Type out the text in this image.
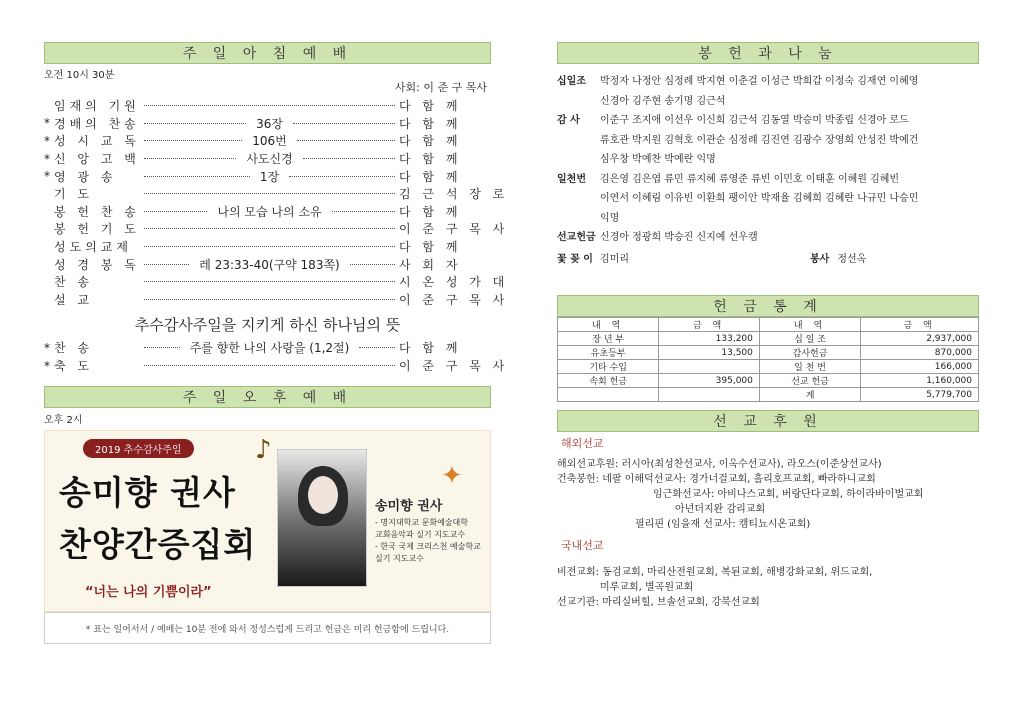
주 일 아 침 예 배
오전 10시 30분
사회: 이 준 구 목사
임재의 기원	다 함 께
* 경배의 찬송	36장	다 함 께
* 성 시 교 독	106번	다 함 께
* 신 앙 고 백	사도신경	다 함 께
* 영 광 송	1장	다 함 께
기 도	김 근 석 장 로
봉 헌 찬 송	나의 모습 나의 소유	다 함 께
봉 헌 기 도	이 준 구 목 사
성도의교제	다 함 께
성 경 봉 독	레 23:33-40(구약 183쪽)	사 회 자
찬 송	시 온 성 가 대
설 교	이 준 구 목 사
추수감사주일을 지키게 하신 하나님의 뜻
* 찬 송	주를 향한 나의 사랑을 (1,2절)	다 함 께
* 축 도	이 준 구 목 사
주 일 오 후 예 배
오후 2시
2019 추수감사주일
송미향 권사
찬양간증집회
“너는 나의 기쁨이라”
♪
송미향 권사
- 명지대학교 문화예술대학
교회음악과 실기 지도교수
- 한국 국제 크리스천 예술학교
실기 지도교수
✦
* 표는 일어서서 / 예배는 10분 전에 와서 정성스럽게 드리고 헌금은 미리 헌금함에 드립니다.
봉 헌 과 나 눔
십일조 박정자 나정안 심정례 박지현 이춘걸 이성근 박희갑 이정숙 김재연 이혜영
신경아 김주현 송기명 김근석
감 사 이준구 조지애 이선우 이신희 김근석 김동열 박승미 박종립 신경아 로드
류호관 박지원 김혁호 이관순 심정례 김진연 김광수 장영희 안성진 박예건
심우창 박예찬 박예란 익명
일천번 김은영 김은엽 류민 류지혜 류영준 류빈 이민호 이태훈 이혜원 김혜빈
이연서 이혜림 이유빈 이환희 팽이안 박재율 김혜희 김혜란 나규민 나승민
익명
선교헌금 신경아 정광희 박승진 신지예 선우캠
꽃 꽂 이 김미리	봉사 정선옥
헌 금 통 계
내 역	금 액	내 역	금 액
장 년 부	133,200	십 일 조	2,937,000
유초등부	13,500	감사헌금	870,000
기타 수입		일 천 번	166,000
속회 헌금	395,000	선교 헌금	1,160,000
		계	5,779,700
선 교 후 원
해외선교
해외선교후원: 러시아(최성찬선교사, 이옥수선교사), 라오스(이준상선교사)
건축봉헌: 네팔 이해덕선교사: 경가너걸교회, 흘리호프교회, 빠라하니교회
임근화선교사: 아비나스교회, 버랑단다교회, 하이라바이벌교회
아넌더지완 감리교회
필리핀 (임을재 선교사: 캠티뇨시온교회)
국내선교
비전교회: 동검교회, 마리산전원교회, 복된교회, 해병강화교회, 위드교회,
미루교회, 별곡원교회
선교기관: 마리실버힐, 브솔선교회, 강북선교회
